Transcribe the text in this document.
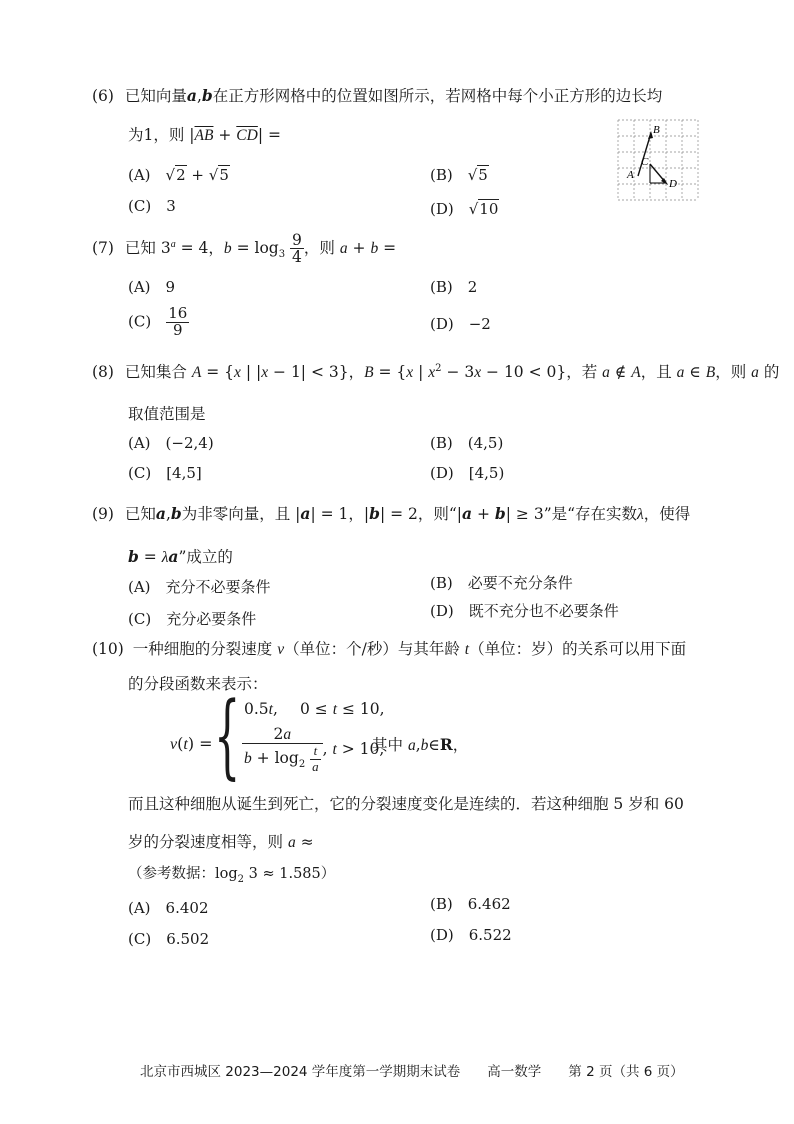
(6) 已知向量a,b在正方形网格中的位置如图所示，若网格中每个小正方形的边长均
为1，则 $|\overline{AB} + \overline{CD}|$ =	B
C
A
D
(A)　√2 + √5	(B)　√5
(C)　3	(D)　√10
(7) 已知 $3^a = 4$，$b = \log_3 \frac{9}{4}$ ，则 a + b =
(A)　9	(B)　2
(C)　 $\frac{16}{9}$	(D)　−2
(8) 已知集合 A = {x | |x − 1| < 3}，B = {x | $x^2 - 3x - 10 < 0$}，若 a ∉ A，且 a ∈ B，则 a 的
取值范围是
(A)　(−2,4)	(B)　(4,5)
(C)　[4,5]	(D)　[4,5)
(9) 已知a,b为非零向量，且 |a| = 1，|b| = 2，则“|a + b| ≥ 3”是“存在实数λ，使得
b = λa”成立的
(A)　充分不必要条件	(B)　必要不充分条件
(C)　充分必要条件	(D)　既不充分也不必要条件
(10) 一种细胞的分裂速度 v（单位：个/秒）与其年龄 t（单位：岁）的关系可以用下面
的分段函数来表示：
v(t) = { 0.5t, 0 ≤ t ≤ 10,
$\frac{2a}{b + \log_2 \frac{t}{a}}$ , t > 10,
其中 a,b∈R，
而且这种细胞从诞生到死亡，它的分裂速度变化是连续的．若这种细胞 5 岁和 60
岁的分裂速度相等，则 a ≈
（参考数据：$\log_2 3 \approx 1.585$）
(A)　6.402	(B)　6.462
(C)　6.502	(D)　6.522
北京市西城区 2023—2024 学年度第一学期期末试卷　　高一数学　　第 2 页（共 6 页）
